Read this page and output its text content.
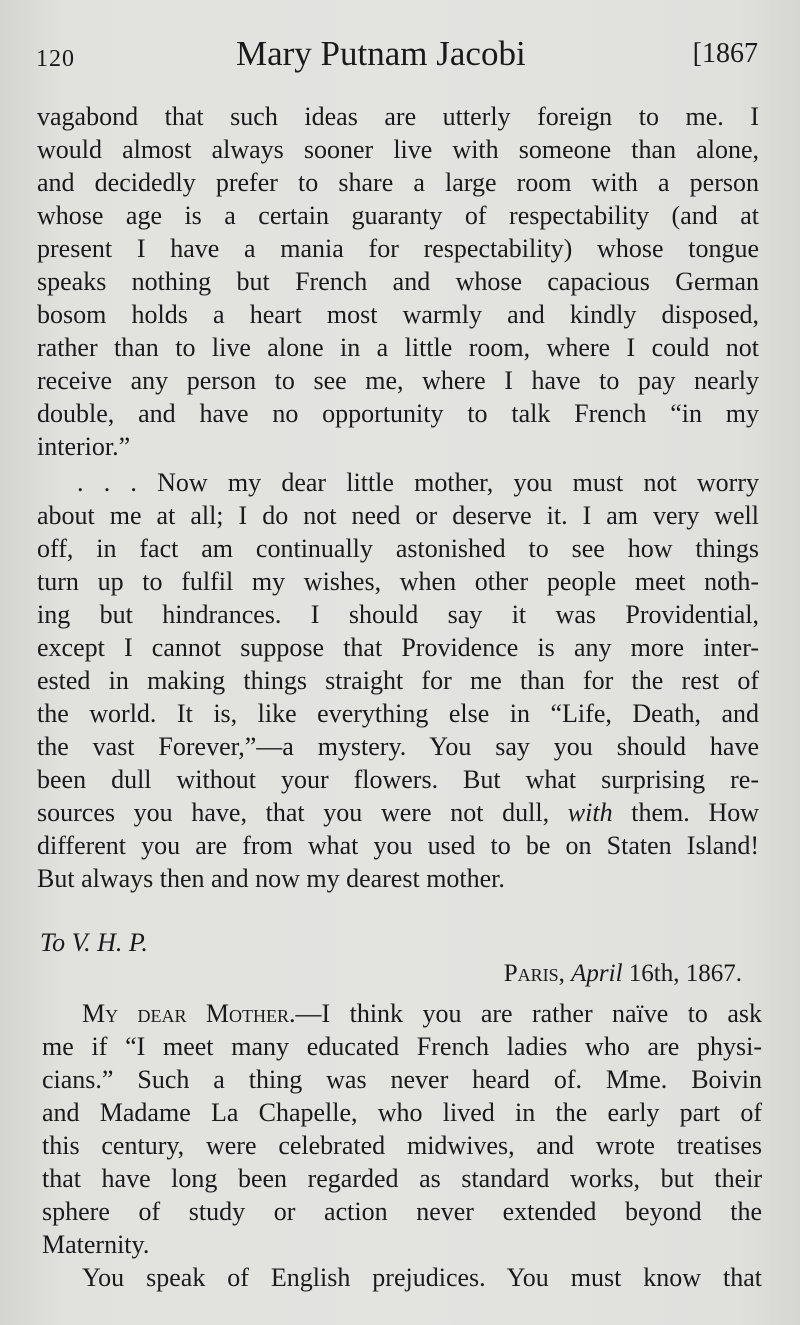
120	Mary Putnam Jacobi	[1867
vagabond that such ideas are utterly foreign to me. I
would almost always sooner live with someone than alone,
and decidedly prefer to share a large room with a person
whose age is a certain guaranty of respectability (and at
present I have a mania for respectability) whose tongue
speaks nothing but French and whose capacious German
bosom holds a heart most warmly and kindly disposed,
rather than to live alone in a little room, where I could not
receive any person to see me, where I have to pay nearly
double, and have no opportunity to talk French “in my
interior.”
. . . Now my dear little mother, you must not worry
about me at all; I do not need or deserve it. I am very well
off, in fact am continually astonished to see how things
turn up to fulfil my wishes, when other people meet noth-
ing but hindrances. I should say it was Providential,
except I cannot suppose that Providence is any more inter-
ested in making things straight for me than for the rest of
the world. It is, like everything else in “Life, Death, and
the vast Forever,”—a mystery. You say you should have
been dull without your flowers. But what surprising re-
sources you have, that you were not dull, with them. How
different you are from what you used to be on Staten Island!
But always then and now my dearest mother.
To V. H. P.
Paris, April 16th, 1867.
My dear Mother.—I think you are rather naïve to ask
me if “I meet many educated French ladies who are physi-
cians.” Such a thing was never heard of. Mme. Boivin
and Madame La Chapelle, who lived in the early part of
this century, were celebrated midwives, and wrote treatises
that have long been regarded as standard works, but their
sphere of study or action never extended beyond the
Maternity.
You speak of English prejudices. You must know that
